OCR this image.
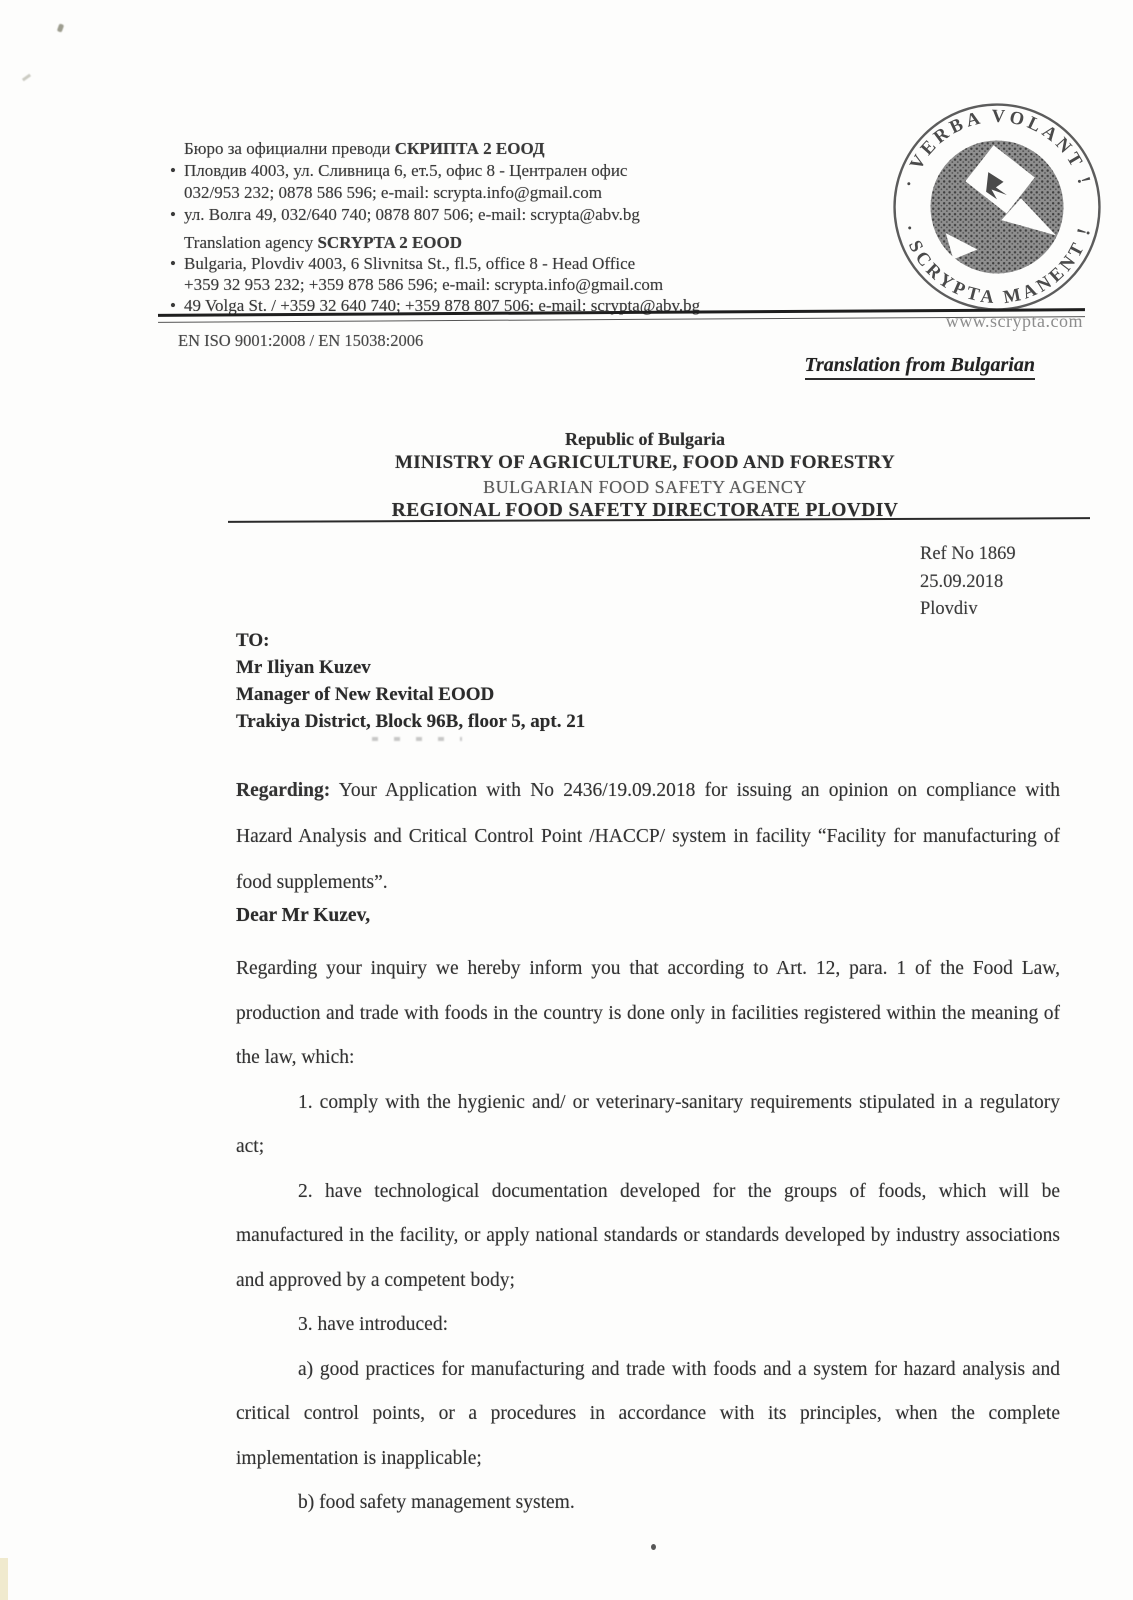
Бюро за официални преводи СКРИПТА 2 ЕООД
• Пловдив 4003, ул. Сливница 6, ет.5, офис 8 - Централен офис
032/953 232; 0878 586 596; e-mail: scrypta.info@gmail.com
• ул. Волга 49, 032/640 740; 0878 807 506; e-mail: scrypta@abv.bg
Translation agency SCRYPTA 2 EOOD
• Bulgaria, Plovdiv 4003, 6 Slivnitsa St., fl.5, office 8 - Head Office
+359 32 953 232; +359 878 586 596; e-mail: scrypta.info@gmail.com
• 49 Volga St. / +359 32 640 740; +359 878 807 506; e-mail: scrypta@abv.bg
· VERBA VOLANT !
· SCRYPTA MANENT !
EN ISO 9001:2008 / EN 15038:2006
www.scrypta.com
Translation from Bulgarian
Republic of Bulgaria
MINISTRY OF AGRICULTURE, FOOD AND FORESTRY
BULGARIAN FOOD SAFETY AGENCY
REGIONAL FOOD SAFETY DIRECTORATE PLOVDIV
Ref No 1869
25.09.2018
Plovdiv
TO:
Mr Iliyan Kuzev
Manager of New Revital EOOD
Trakiya District, Block 96B, floor 5, apt. 21
Regarding: Your Application with No 2436/19.09.2018 for issuing an opinion on compliance with Hazard Analysis and Critical Control Point /HACCP/ system in facility “Facility for manufacturing of food supplements”.
Dear Mr Kuzev,

Regarding your inquiry we hereby inform you that according to Art. 12, para. 1 of the Food Law, production and trade with foods in the country is done only in facilities registered within the meaning of the law, which:

1. comply with the hygienic and/ or veterinary-sanitary requirements stipulated in a regulatory act;

2. have technological documentation developed for the groups of foods, which will be manufactured in the facility, or apply national standards or standards developed by industry associations and approved by a competent body;

3. have introduced:

a) good practices for manufacturing and trade with foods and a system for hazard analysis and critical control points, or a procedures in accordance with its principles, when the complete implementation is inapplicable;

b) food safety management system.
